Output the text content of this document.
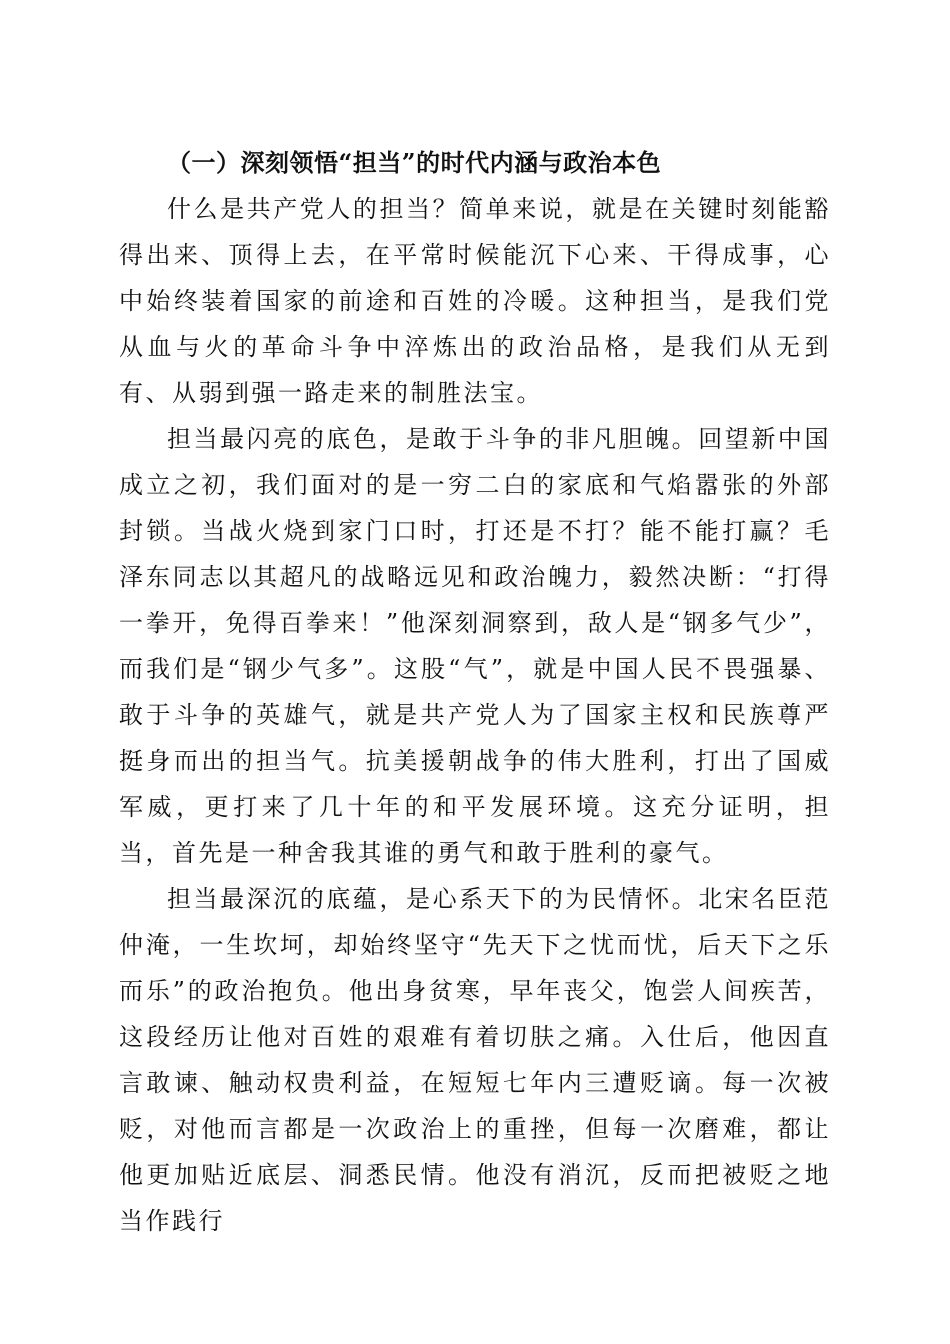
（一）深刻领悟“担当”的时代内涵与政治本色

什么是共产党人的担当？简单来说，就是在关键时刻能豁得出来、顶得上去，在平常时候能沉下心来、干得成事，心中始终装着国家的前途和百姓的冷暖。这种担当，是我们党从血与火的革命斗争中淬炼出的政治品格，是我们从无到有、从弱到强一路走来的制胜法宝。

担当最闪亮的底色，是敢于斗争的非凡胆魄。回望新中国成立之初，我们面对的是一穷二白的家底和气焰嚣张的外部封锁。当战火烧到家门口时，打还是不打？能不能打赢？毛泽东同志以其超凡的战略远见和政治魄力，毅然决断：“打得一拳开，免得百拳来！”他深刻洞察到，敌人是“钢多气少”，而我们是“钢少气多”。这股“气”，就是中国人民不畏强暴、敢于斗争的英雄气，就是共产党人为了国家主权和民族尊严挺身而出的担当气。抗美援朝战争的伟大胜利，打出了国威军威，更打来了几十年的和平发展环境。这充分证明，担当，首先是一种舍我其谁的勇气和敢于胜利的豪气。

担当最深沉的底蕴，是心系天下的为民情怀。北宋名臣范仲淹，一生坎坷，却始终坚守“先天下之忧而忧，后天下之乐而乐”的政治抱负。他出身贫寒，早年丧父，饱尝人间疾苦，这段经历让他对百姓的艰难有着切肤之痛。入仕后，他因直言敢谏、触动权贵利益，在短短七年内三遭贬谪。每一次被贬，对他而言都是一次政治上的重挫，但每一次磨难，都让他更加贴近底层、洞悉民情。他没有消沉，反而把被贬之地当作践行
